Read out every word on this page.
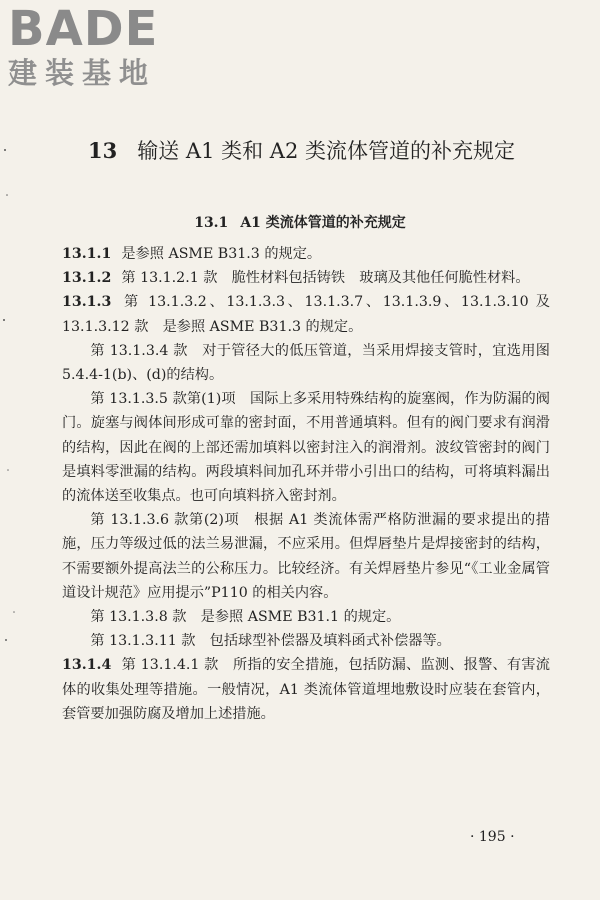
BADE
建装基地
13 输送 A1 类和 A2 类流体管道的补充规定
13.1 A1 类流体管道的补充规定

13.1.1 是参照 ASME B31.3 的规定。

13.1.2 第 13.1.2.1 款　脆性材料包括铸铁　玻璃及其他任何脆性材料。

13.1.3 第 13.1.3.2、13.1.3.3、13.1.3.7、13.1.3.9、13.1.3.10 及 13.1.3.12 款　是参照 ASME B31.3 的规定。

第 13.1.3.4 款　对于管径大的低压管道，当采用焊接支管时，宜选用图 5.4.4-1(b)、(d)的结构。

第 13.1.3.5 款第(1)项　国际上多采用特殊结构的旋塞阀，作为防漏的阀门。旋塞与阀体间形成可靠的密封面，不用普通填料。但有的阀门要求有润滑的结构，因此在阀的上部还需加填料以密封注入的润滑剂。波纹管密封的阀门是填料零泄漏的结构。两段填料间加孔环并带小引出口的结构，可将填料漏出的流体送至收集点。也可向填料挤入密封剂。

第 13.1.3.6 款第(2)项　根据 A1 类流体需严格防泄漏的要求提出的措施，压力等级过低的法兰易泄漏，不应采用。但焊唇垫片是焊接密封的结构，不需要额外提高法兰的公称压力。比较经济。有关焊唇垫片参见“《工业金属管道设计规范》应用提示”P110 的相关内容。

第 13.1.3.8 款　是参照 ASME B31.1 的规定。

第 13.1.3.11 款　包括球型补偿器及填料函式补偿器等。

13.1.4 第 13.1.4.1 款　所指的安全措施，包括防漏、监测、报警、有害流体的收集处理等措施。一般情况，A1 类流体管道埋地敷设时应装在套管内，套管要加强防腐及增加上述措施。

· 195 ·
